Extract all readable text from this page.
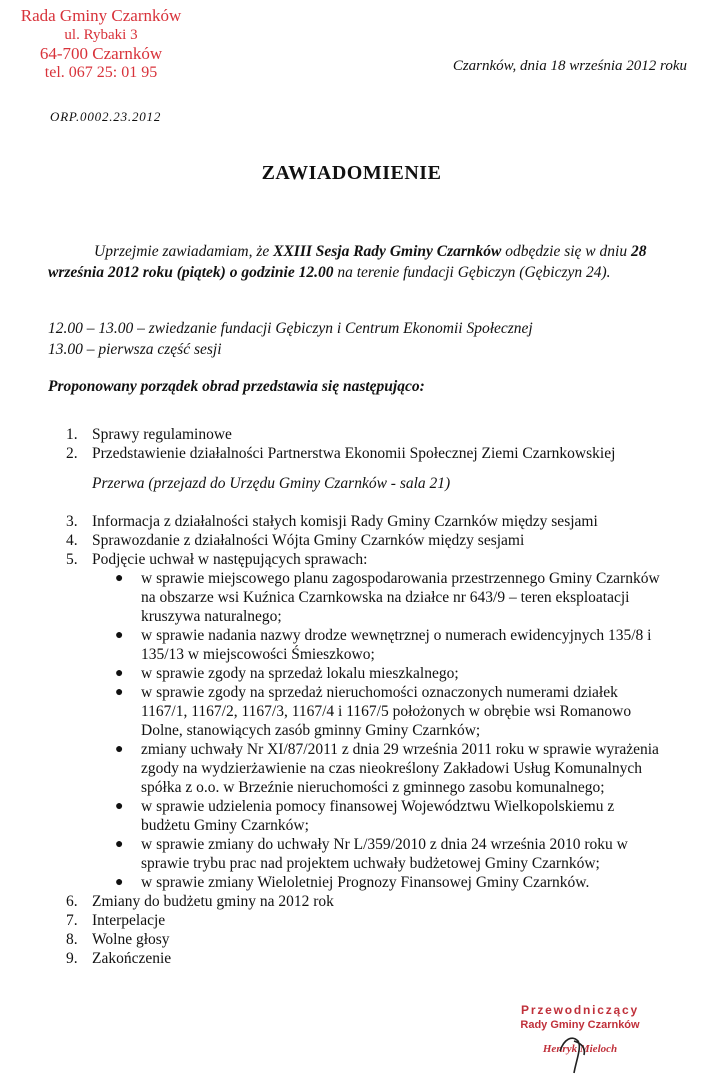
Rada Gminy Czarnków
ul. Rybaki 3
64-700 Czarnków
tel. 067 25: 01 95	Czarnków, dnia 18 września 2012 roku
ORP.0002.23.2012
ZAWIADOMIENIE
Uprzejmie zawiadamiam, że XXIII Sesja Rady Gminy Czarnków odbędzie się w dniu 28 września 2012 roku (piątek) o godzinie 12.00 na terenie fundacji Gębiczyn (Gębiczyn 24).
12.00 – 13.00 – zwiedzanie fundacji Gębiczyn i Centrum Ekonomii Społecznej
13.00 – pierwsza część sesji
Proponowany porządek obrad przedstawia się następująco:
1. Sprawy regulaminowe
2. Przedstawienie działalności Partnerstwa Ekonomii Społecznej Ziemi Czarnkowskiej
Przerwa (przejazd do Urzędu Gminy Czarnków - sala 21)
3. Informacja z działalności stałych komisji Rady Gminy Czarnków między sesjami
4. Sprawozdanie z działalności Wójta Gminy Czarnków między sesjami
5. Podjęcie uchwał w następujących sprawach:
● w sprawie miejscowego planu zagospodarowania przestrzennego Gminy Czarnków na obszarze wsi Kuźnica Czarnkowska na działce nr 643/9 – teren eksploatacji kruszywa naturalnego;
● w sprawie nadania nazwy drodze wewnętrznej o numerach ewidencyjnych 135/8 i 135/13 w miejscowości Śmieszkowo;
● w sprawie zgody na sprzedaż lokalu mieszkalnego;
● w sprawie zgody na sprzedaż nieruchomości oznaczonych numerami działek 1167/1, 1167/2, 1167/3, 1167/4 i 1167/5 położonych w obrębie wsi Romanowo Dolne, stanowiących zasób gminny Gminy Czarnków;
● zmiany uchwały Nr XI/87/2011 z dnia 29 września 2011 roku w sprawie wyrażenia zgody na wydzierżawienie na czas nieokreślony Zakładowi Usług Komunalnych spółka z o.o. w Brzeźnie nieruchomości z gminnego zasobu komunalnego;
● w sprawie udzielenia pomocy finansowej Województwu Wielkopolskiemu z budżetu Gminy Czarnków;
● w sprawie zmiany do uchwały Nr L/359/2010 z dnia 24 września 2010 roku w sprawie trybu prac nad projektem uchwały budżetowej Gminy Czarnków;
● w sprawie zmiany Wieloletniej Prognozy Finansowej Gminy Czarnków.
6. Zmiany do budżetu gminy na 2012 rok
7. Interpelacje
8. Wolne głosy
9. Zakończenie
Przewodniczący
Rady Gminy Czarnków
Henryk Mieloch
